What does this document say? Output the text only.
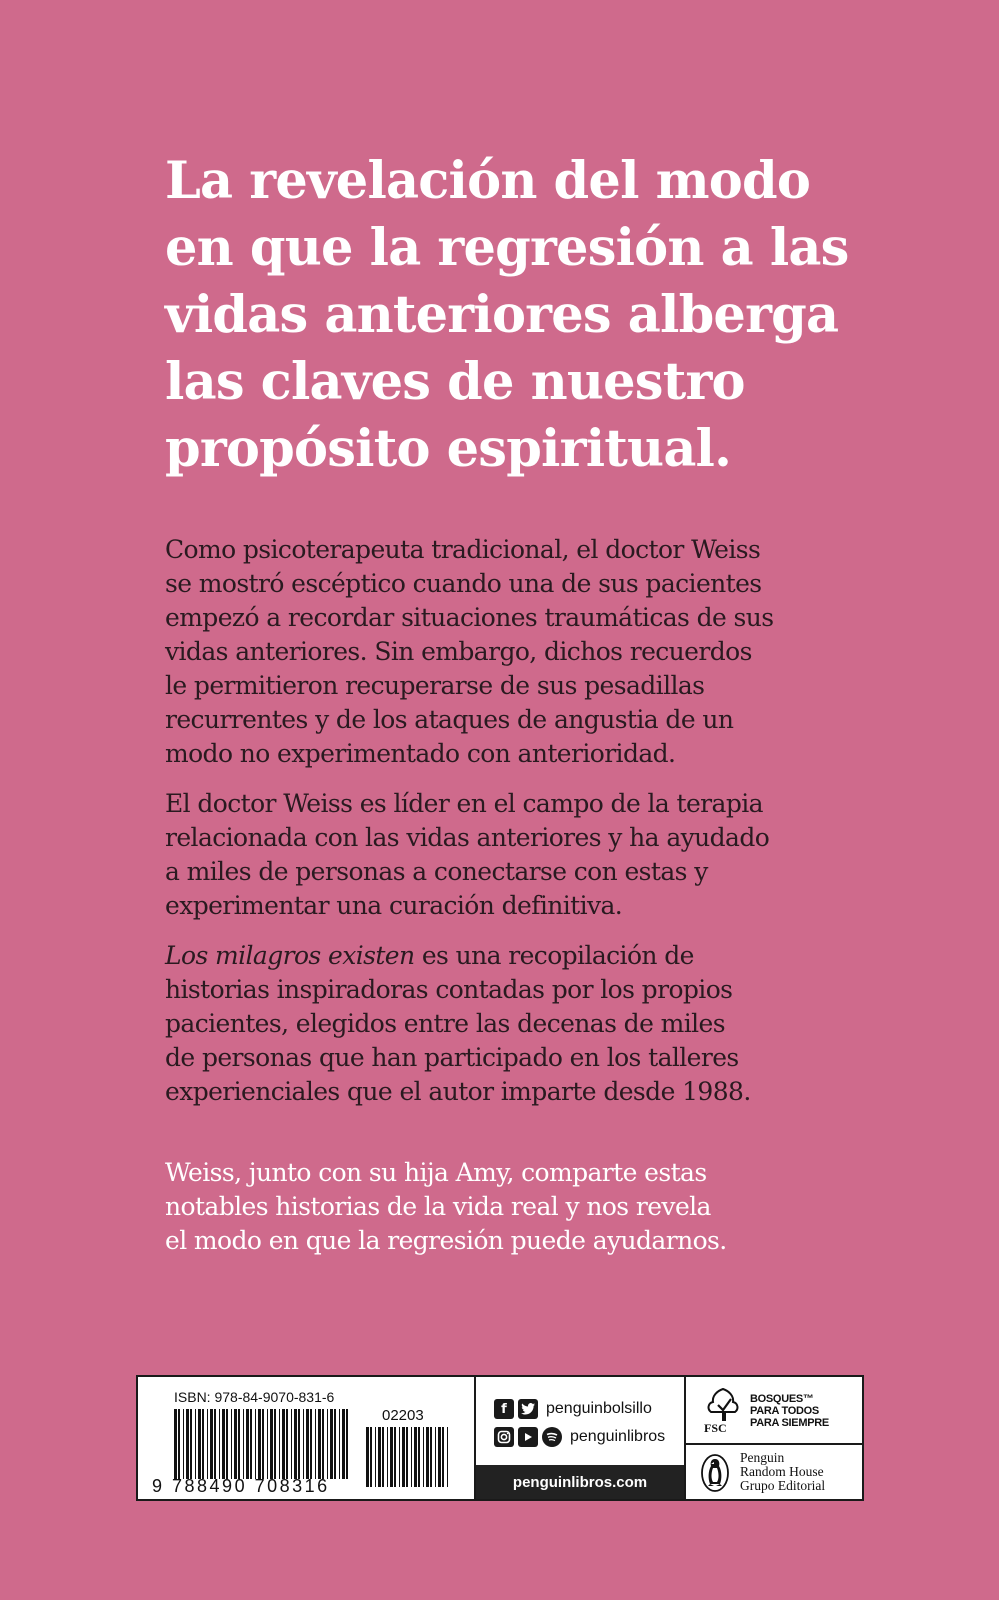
La revelación del modo
en que la regresión a las
vidas anteriores alberga
las claves de nuestro
propósito espiritual.
Como psicoterapeuta tradicional, el doctor Weiss
se mostró escéptico cuando una de sus pacientes
empezó a recordar situaciones traumáticas de sus
vidas anteriores. Sin embargo, dichos recuerdos
le permitieron recuperarse de sus pesadillas
recurrentes y de los ataques de angustia de un
modo no experimentado con anterioridad.
El doctor Weiss es líder en el campo de la terapia
relacionada con las vidas anteriores y ha ayudado
a miles de personas a conectarse con estas y
experimentar una curación definitiva.
Los milagros existen es una recopilación de
historias inspiradoras contadas por los propios
pacientes, elegidos entre las decenas de miles
de personas que han participado en los talleres
experienciales que el autor imparte desde 1988.
Weiss, junto con su hija Amy, comparte estas
notables historias de la vida real y nos revela
el modo en que la regresión puede ayudarnos.
ISBN: 978-84-9070-831-6
9 788490 708316
02203	f	penguinbolsillo
penguinlibros
penguinlibros.com
FSC
BOSQUES™
PARA TODOS
PARA SIEMPRE
Penguin
Random House
Grupo Editorial
